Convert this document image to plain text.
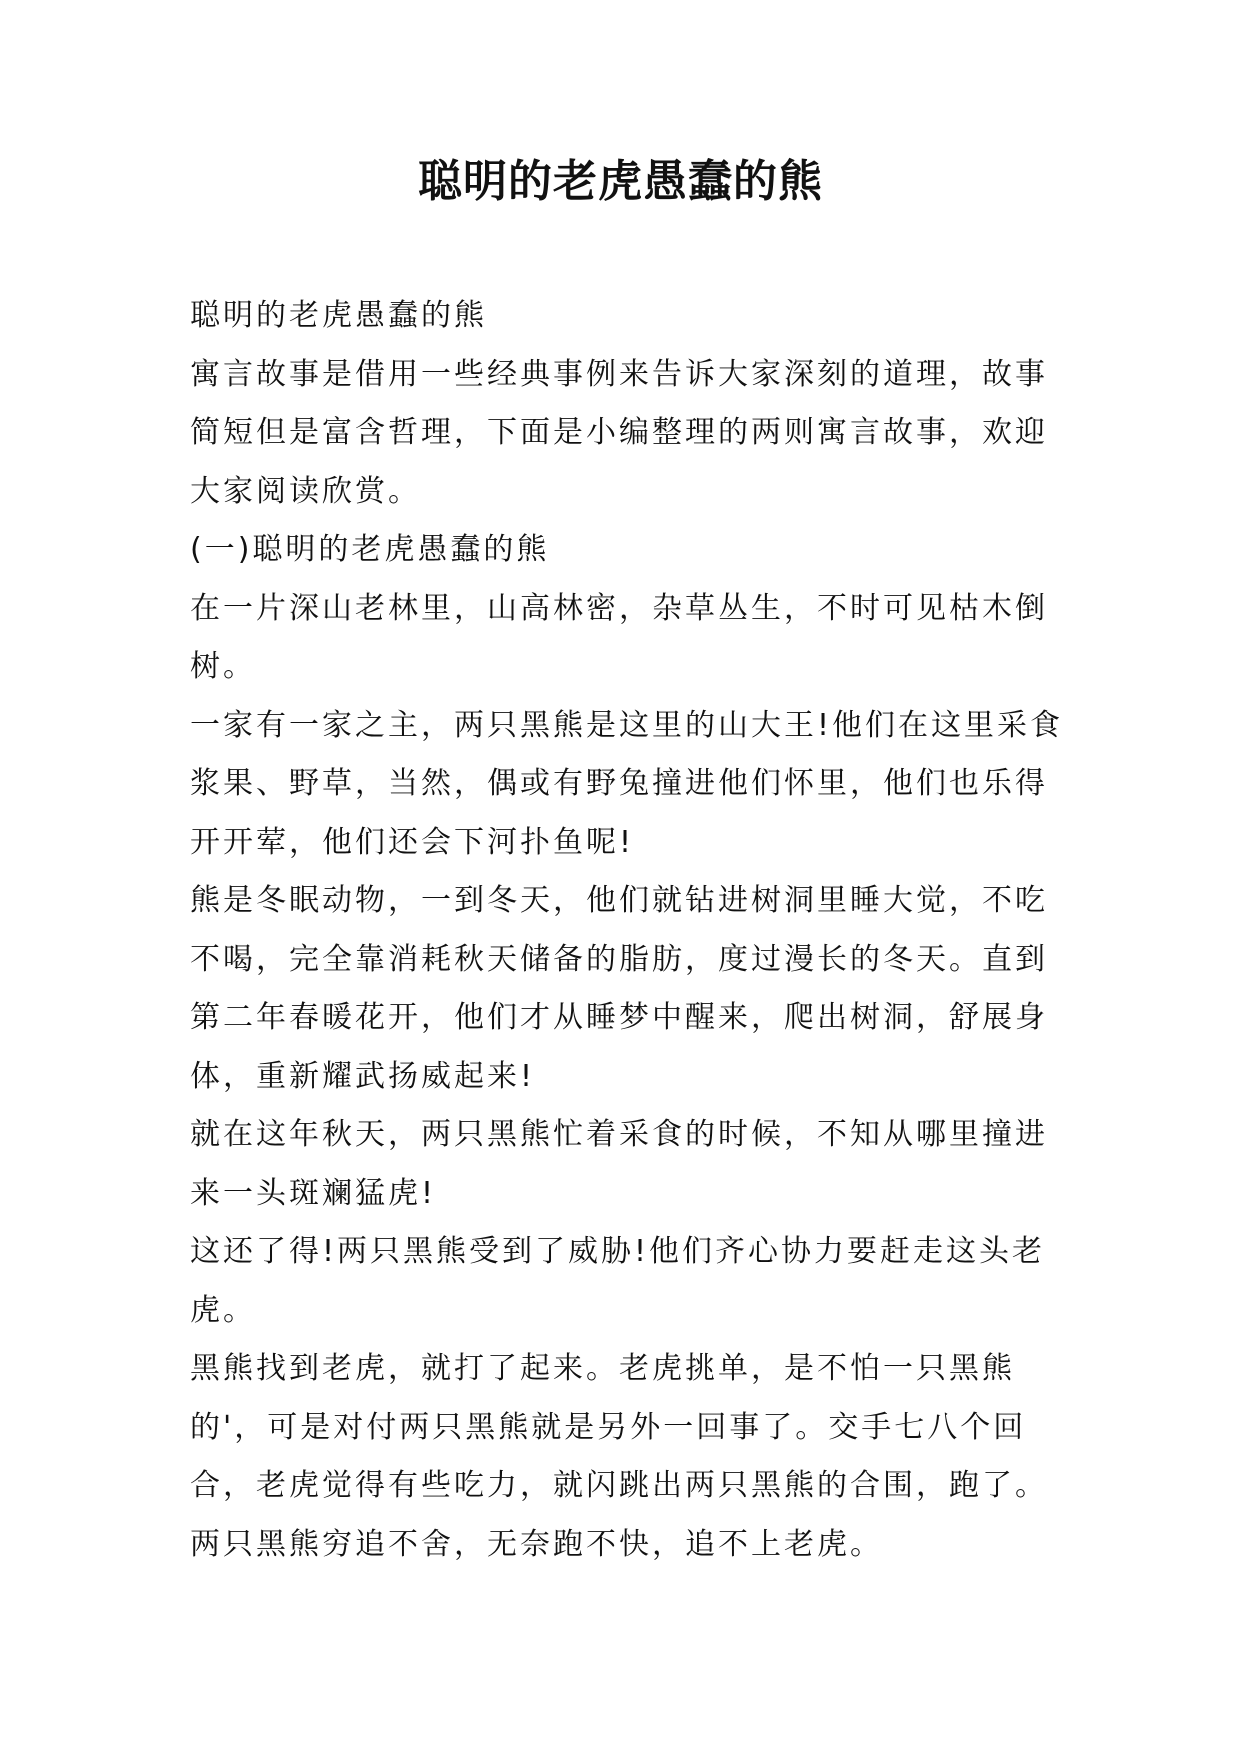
聪明的老虎愚蠢的熊

聪明的老虎愚蠢的熊

寓言故事是借用一些经典事例来告诉大家深刻的道理，故事简短但是富含哲理，下面是小编整理的两则寓言故事，欢迎大家阅读欣赏。

(一)聪明的老虎愚蠢的熊

在一片深山老林里，山高林密，杂草丛生，不时可见枯木倒树。

一家有一家之主，两只黑熊是这里的山大王!他们在这里采食浆果、野草，当然，偶或有野兔撞进他们怀里，他们也乐得开开荤，他们还会下河扑鱼呢!

熊是冬眠动物，一到冬天，他们就钻进树洞里睡大觉，不吃不喝，完全靠消耗秋天储备的脂肪，度过漫长的冬天。直到第二年春暖花开，他们才从睡梦中醒来，爬出树洞，舒展身体，重新耀武扬威起来!

就在这年秋天，两只黑熊忙着采食的时候，不知从哪里撞进来一头斑斓猛虎!

这还了得!两只黑熊受到了威胁!他们齐心协力要赶走这头老虎。

黑熊找到老虎，就打了起来。老虎挑单，是不怕一只黑熊的'，可是对付两只黑熊就是另外一回事了。交手七八个回合，老虎觉得有些吃力，就闪跳出两只黑熊的合围，跑了。

两只黑熊穷追不舍，无奈跑不快，追不上老虎。
